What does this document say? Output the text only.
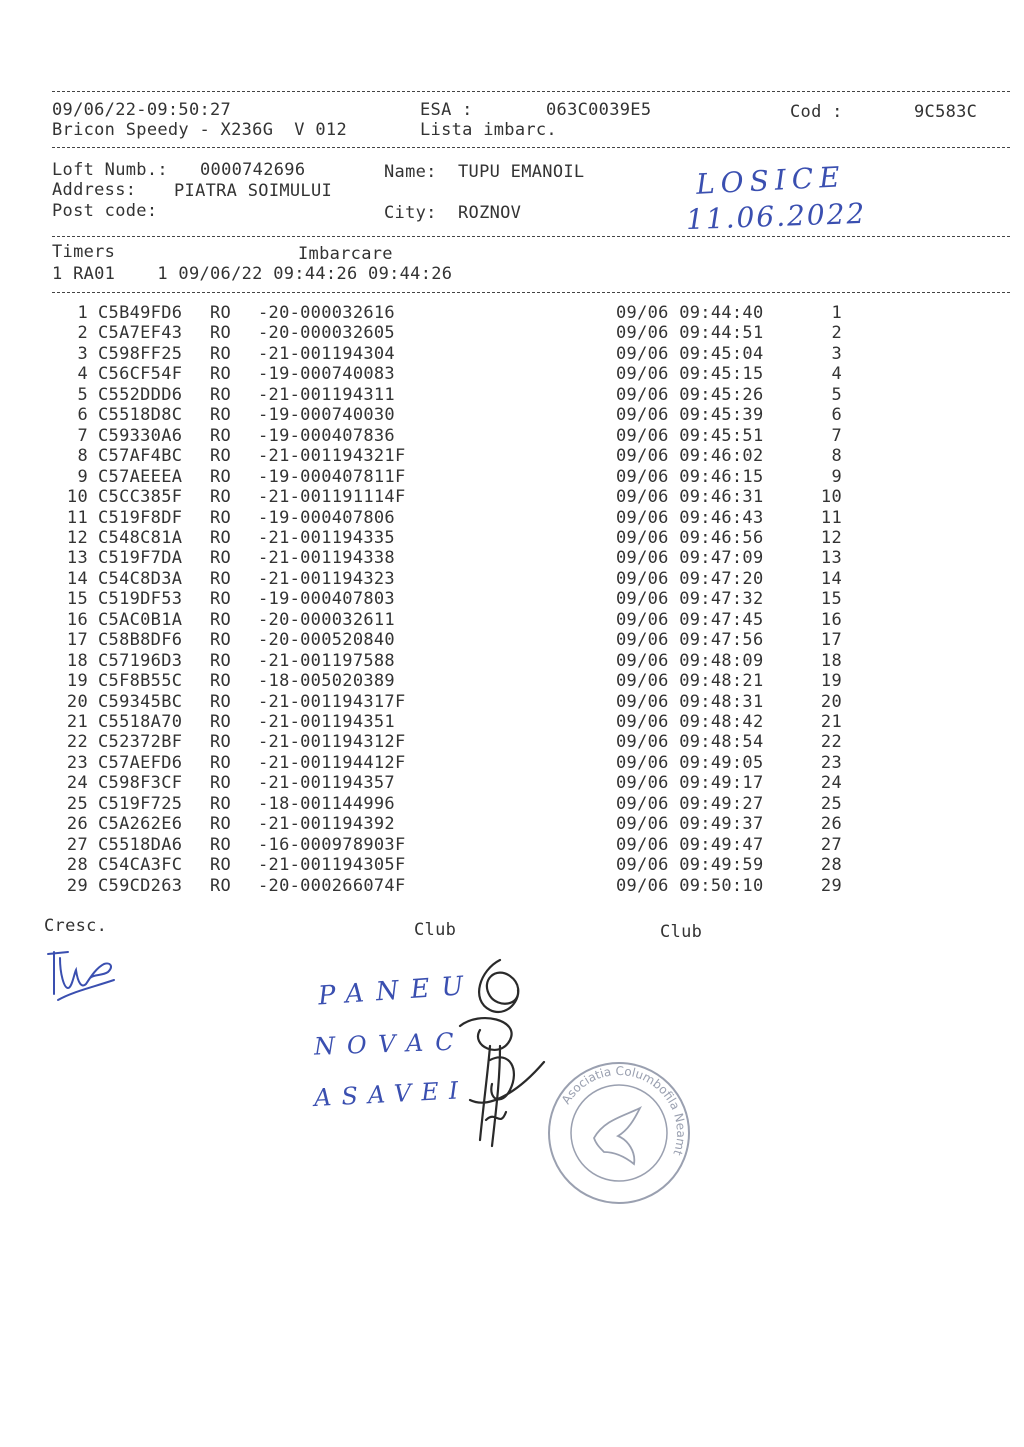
09/06/22-09:50:27	ESA :	063C0039E5	Cod :	9C583C
Bricon Speedy - X236G  V 012	Lista imbarc.
Loft Numb.: 0000742696	Name: TUPU EMANOIL
Address: PIATRA SOIMULUI
Post code:	City: ROZNOV
LOSICE
11.06.2022
Timers	Imbarcare
1 RA01    1 09/06/22 09:44:26 09:44:26
1 C5B49FD6 RO -20-000032616	09/06 09:44:40	1
2 C5A7EF43 RO -20-000032605	09/06 09:44:51	2
3 C598FF25 RO -21-001194304	09/06 09:45:04	3
4 C56CF54F RO -19-000740083	09/06 09:45:15	4
5 C552DDD6 RO -21-001194311	09/06 09:45:26	5
6 C5518D8C RO -19-000740030	09/06 09:45:39	6
7 C59330A6 RO -19-000407836	09/06 09:45:51	7
8 C57AF4BC RO -21-001194321F	09/06 09:46:02	8
9 C57AEEEA RO -19-000407811F	09/06 09:46:15	9
10 C5CC385F RO -21-001191114F	09/06 09:46:31	10
11 C519F8DF RO -19-000407806	09/06 09:46:43	11
12 C548C81A RO -21-001194335	09/06 09:46:56	12
13 C519F7DA RO -21-001194338	09/06 09:47:09	13
14 C54C8D3A RO -21-001194323	09/06 09:47:20	14
15 C519DF53 RO -19-000407803	09/06 09:47:32	15
16 C5AC0B1A RO -20-000032611	09/06 09:47:45	16
17 C58B8DF6 RO -20-000520840	09/06 09:47:56	17
18 C57196D3 RO -21-001197588	09/06 09:48:09	18
19 C5F8B55C RO -18-005020389	09/06 09:48:21	19
20 C59345BC RO -21-001194317F	09/06 09:48:31	20
21 C5518A70 RO -21-001194351	09/06 09:48:42	21
22 C52372BF RO -21-001194312F	09/06 09:48:54	22
23 C57AEFD6 RO -21-001194412F	09/06 09:49:05	23
24 C598F3CF RO -21-001194357	09/06 09:49:17	24
25 C519F725 RO -18-001144996	09/06 09:49:27	25
26 C5A262E6 RO -21-001194392	09/06 09:49:37	26
27 C5518DA6 RO -16-000978903F	09/06 09:49:47	27
28 C54CA3FC RO -21-001194305F	09/06 09:49:59	28
29 C59CD263 RO -20-000266074F	09/06 09:50:10	29
Cresc.	Club	Club
PANEU
NOVAC
ASAVEI	Asociatia Columbofila Neamt
